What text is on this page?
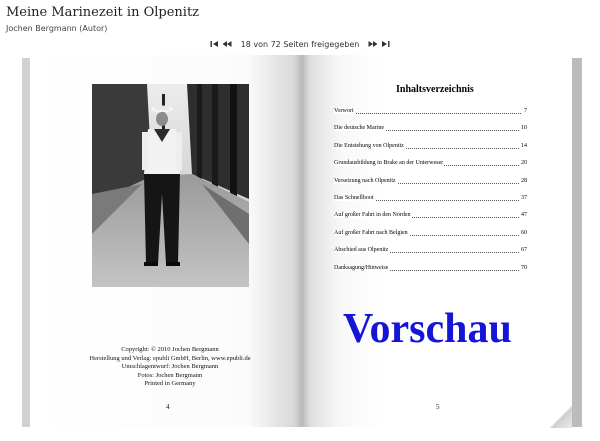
Meine Marinezeit in Olpenitz
Jochen Bergmann (Autor)
18 von 72 Seiten freigegeben
Copyright: © 2010 Jochen Bergmann
Herstellung und Verlag: epubli GmbH, Berlin, www.epubli.de
Umschlagentwurf: Jochen Bergmann
Fotos: Jochen Bergmann
Printed in Germany
4
Inhaltsverzeichnis
Vorwort	7
Die deutsche Marine	10
Die Entstehung von Olpenitz	14
Grundausbildung in Brake an der Unterweser	20
Versetzung nach Olpenitz	28
Das Schnellboot	37
Auf großer Fahrt in den Norden	47
Auf großer Fahrt nach Belgien	60
Abschied aus Olpenitz	67
Danksagung/Hinweise	70
Vorschau
5
